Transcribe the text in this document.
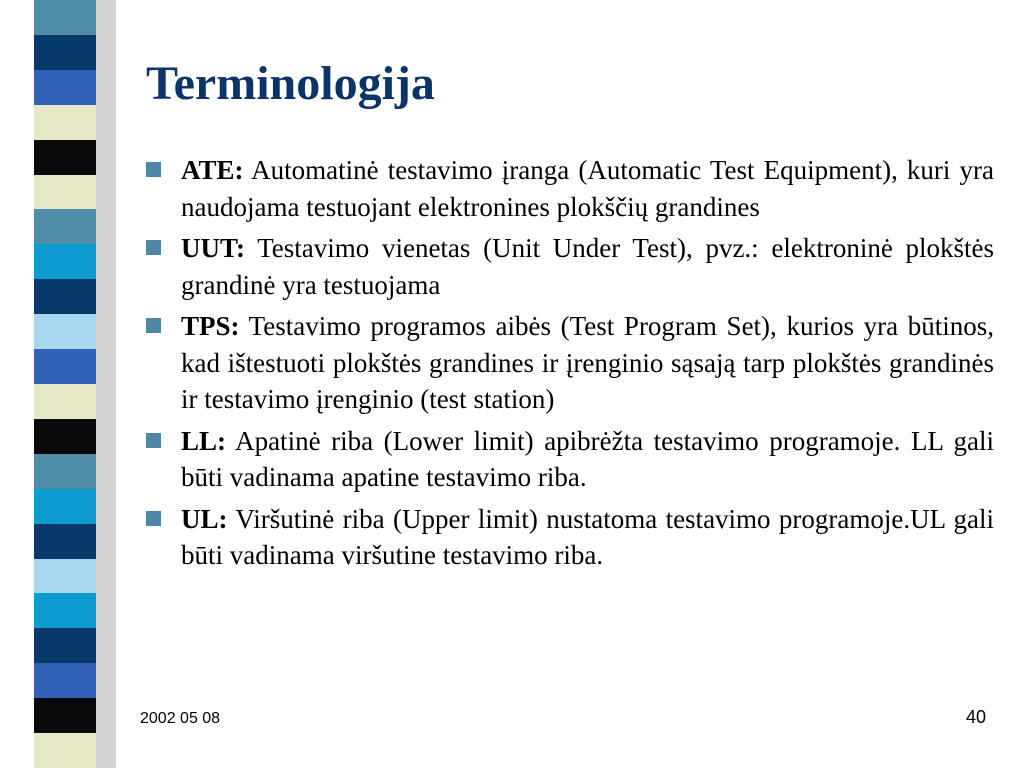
Terminologija
ATE: Automatinė testavimo įranga (Automatic Test Equipment), kuri yra naudojama testuojant elektronines plokščių grandines
UUT: Testavimo vienetas (Unit Under Test), pvz.: elektroninė plokštės grandinė yra testuojama
TPS: Testavimo programos aibės (Test Program Set), kurios yra būtinos, kad ištestuoti plokštės grandines ir įrenginio sąsają tarp plokštės grandinės ir testavimo įrenginio (test station)
LL: Apatinė riba (Lower limit) apibrėžta testavimo programoje. LL gali būti vadinama apatine testavimo riba.
UL: Viršutinė riba (Upper limit) nustatoma testavimo programoje.UL gali būti vadinama viršutine testavimo riba.
2002 05 08	40
